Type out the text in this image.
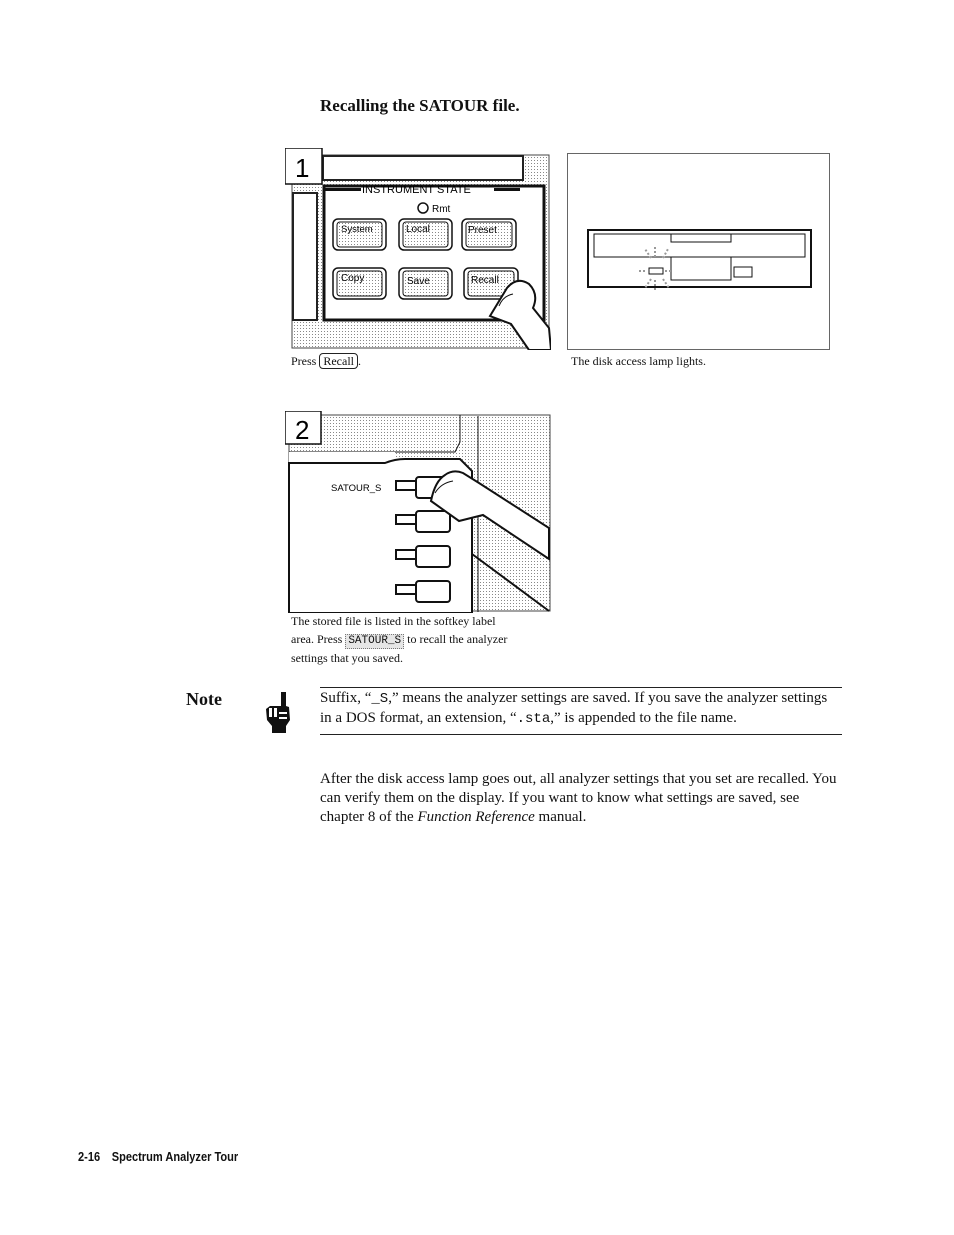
Recalling the SATOUR file.
INSTRUMENT STATE
Rmt
System	Local	Preset
Copy	Save	Recall
1
Press Recall .	The disk access lamp lights.
SATOUR_S
2
The stored file is listed in the softkey label
area. Press SATOUR_S to recall the analyzer
settings that you saved.
Note	Suffix, “_S,” means the analyzer settings are saved. If you save the analyzer settings in a DOS format, an extension, “.sta,” is appended to the file name.
After the disk access lamp goes out, all analyzer settings that you set are recalled. You can verify them on the display. If you want to know what settings are saved, see chapter 8 of the Function Reference manual.
2-16 Spectrum Analyzer Tour
